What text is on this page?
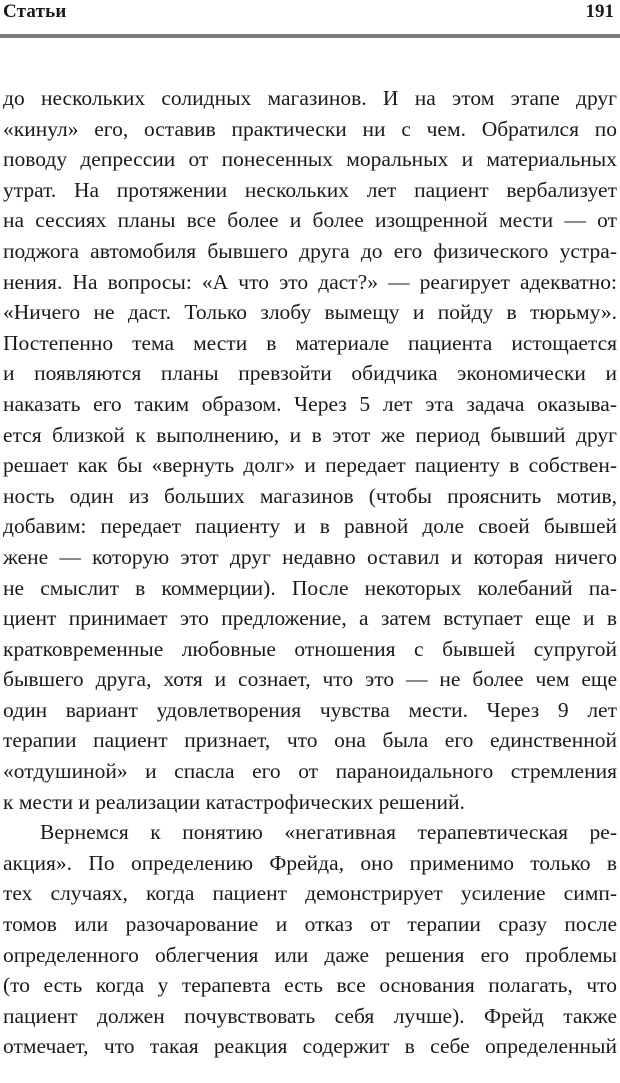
Статьи	191
до нескольких солидных магазинов. И на этом этапе друг
«кинул» его, оставив практически ни с чем. Обратился по
поводу депрессии от понесенных моральных и материальных
утрат. На протяжении нескольких лет пациент вербализует
на сессиях планы все более и более изощренной мести — от
поджога автомобиля бывшего друга до его физического устра-
нения. На вопросы: «А что это даст?» — реагирует адекватно:
«Ничего не даст. Только злобу вымещу и пойду в тюрьму».
Постепенно тема мести в материале пациента истощается
и появляются планы превзойти обидчика экономически и
наказать его таким образом. Через 5 лет эта задача оказыва-
ется близкой к выполнению, и в этот же период бывший друг
решает как бы «вернуть долг» и передает пациенту в собствен-
ность один из больших магазинов (чтобы прояснить мотив,
добавим: передает пациенту и в равной доле своей бывшей
жене — которую этот друг недавно оставил и которая ничего
не смыслит в коммерции). После некоторых колебаний па-
циент принимает это предложение, а затем вступает еще и в
кратковременные любовные отношения с бывшей супругой
бывшего друга, хотя и сознает, что это — не более чем еще
один вариант удовлетворения чувства мести. Через 9 лет
терапии пациент признает, что она была его единственной
«отдушиной» и спасла его от параноидального стремления
к мести и реализации катастрофических решений.
Вернемся к понятию «негативная терапевтическая ре-
акция». По определению Фрейда, оно применимо только в
тех случаях, когда пациент демонстрирует усиление симп-
томов или разочарование и отказ от терапии сразу после
определенного облегчения или даже решения его проблемы
(то есть когда у терапевта есть все основания полагать, что
пациент должен почувствовать себя лучше). Фрейд также
отмечает, что такая реакция содержит в себе определенный
